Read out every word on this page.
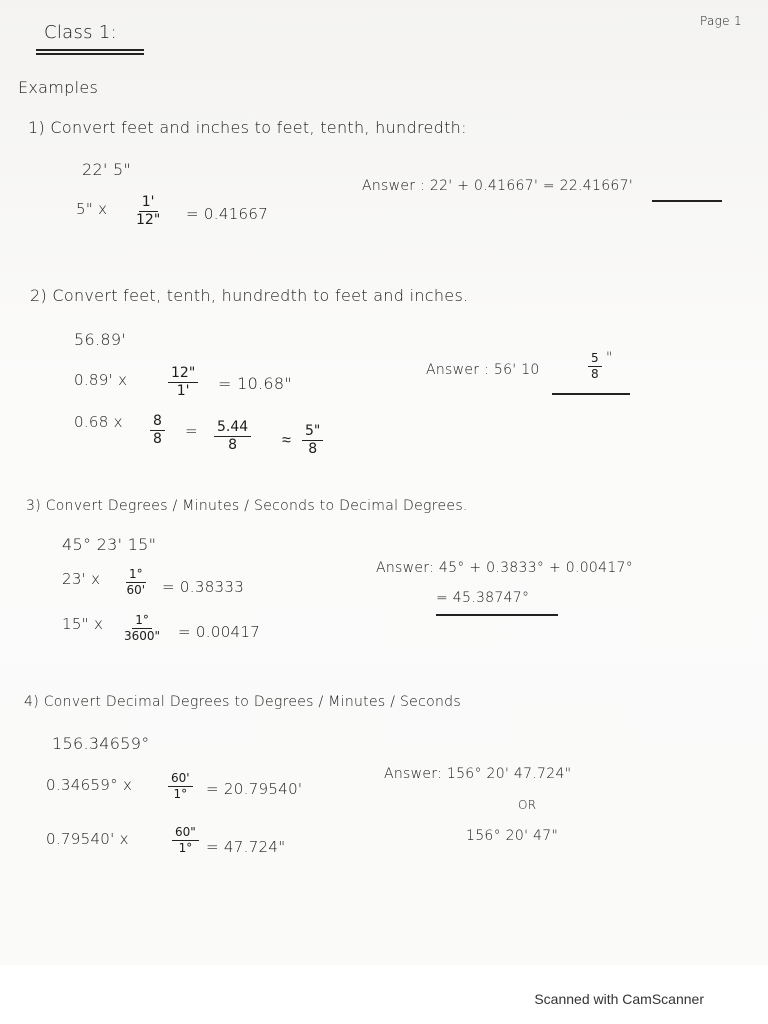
Class 1:
Page 1
Examples
1) Convert feet and inches to feet, tenth, hundredth:
22' 5"
5" x $\frac{1'}{12"} = 0.41667$
Answer : 22' + 0.41667' = 22.41667'
2) Convert feet, tenth, hundredth to feet and inches.
56.89'
0.89' x	$\frac{12"}{1'} = 10.68$"
0.68 x $\frac{8}{8} = \frac{5.44}{8} \approx \frac{5"}{8}$
Answer : 56' 10	$\frac{5}{8}$ "
3) Convert Degrees / Minutes / Seconds to Decimal Degrees.
45° 23' 15"
23' x $\frac{1^\circ}{60'} = 0.38333$
15" x $\frac{1^\circ}{3600"} = 0.00417$
Answer: 45° + 0.3833° + 0.00417°
= 45.38747°
4) Convert Decimal Degrees to Degrees / Minutes / Seconds
156.34659°
0.34659° x	$\frac{60'}{1^\circ} = 20.79540'$
0.79540' x	$\frac{60"}{1^\circ} = 47.724$"
Answer: 156° 20' 47.724"
OR
156° 20' 47"
Scanned with CamScanner
